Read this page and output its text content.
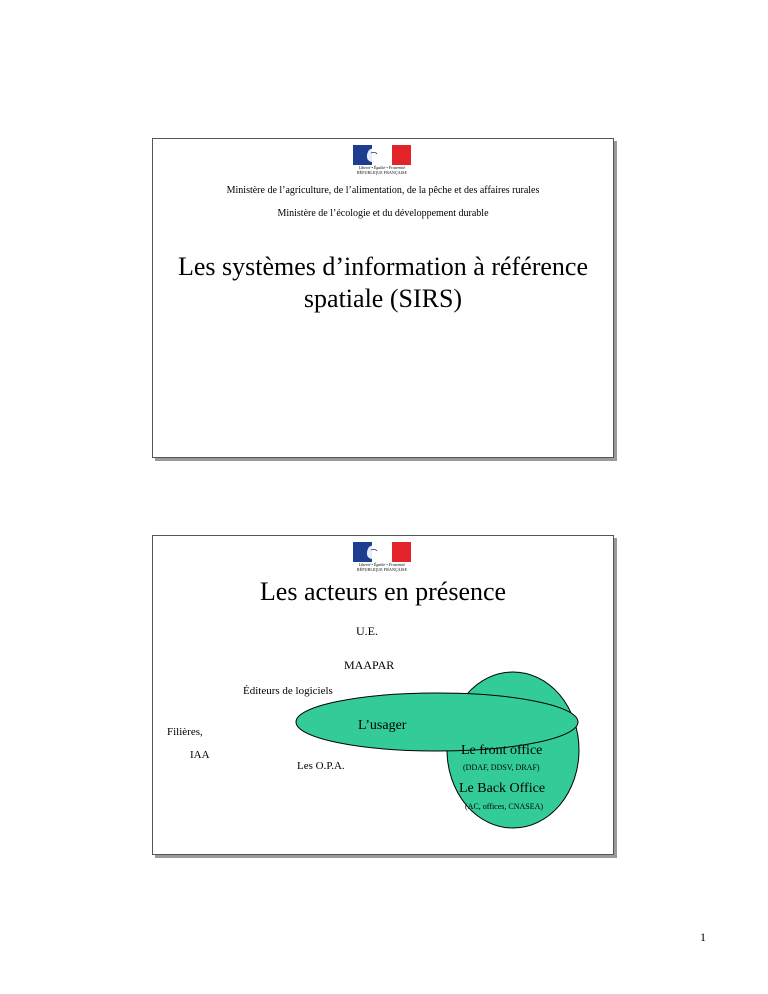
Liberté • Égalité • Fraternité
RÉPUBLIQUE FRANÇAISE
Ministère de l’agriculture, de l’alimentation, de la pêche et des affaires rurales
Ministère de l’écologie et du développement durable
Les systèmes d’information à référence spatiale (SIRS)
Liberté • Égalité • Fraternité
RÉPUBLIQUE FRANÇAISE
Les acteurs en présence
U.E.
MAAPAR
Éditeurs de logiciels
Filières,
IAA
L’usager
Les O.P.A.
Le front office
(DDAF, DDSV, DRAF)
Le Back Office
(AC, offices, CNASEA)
1
